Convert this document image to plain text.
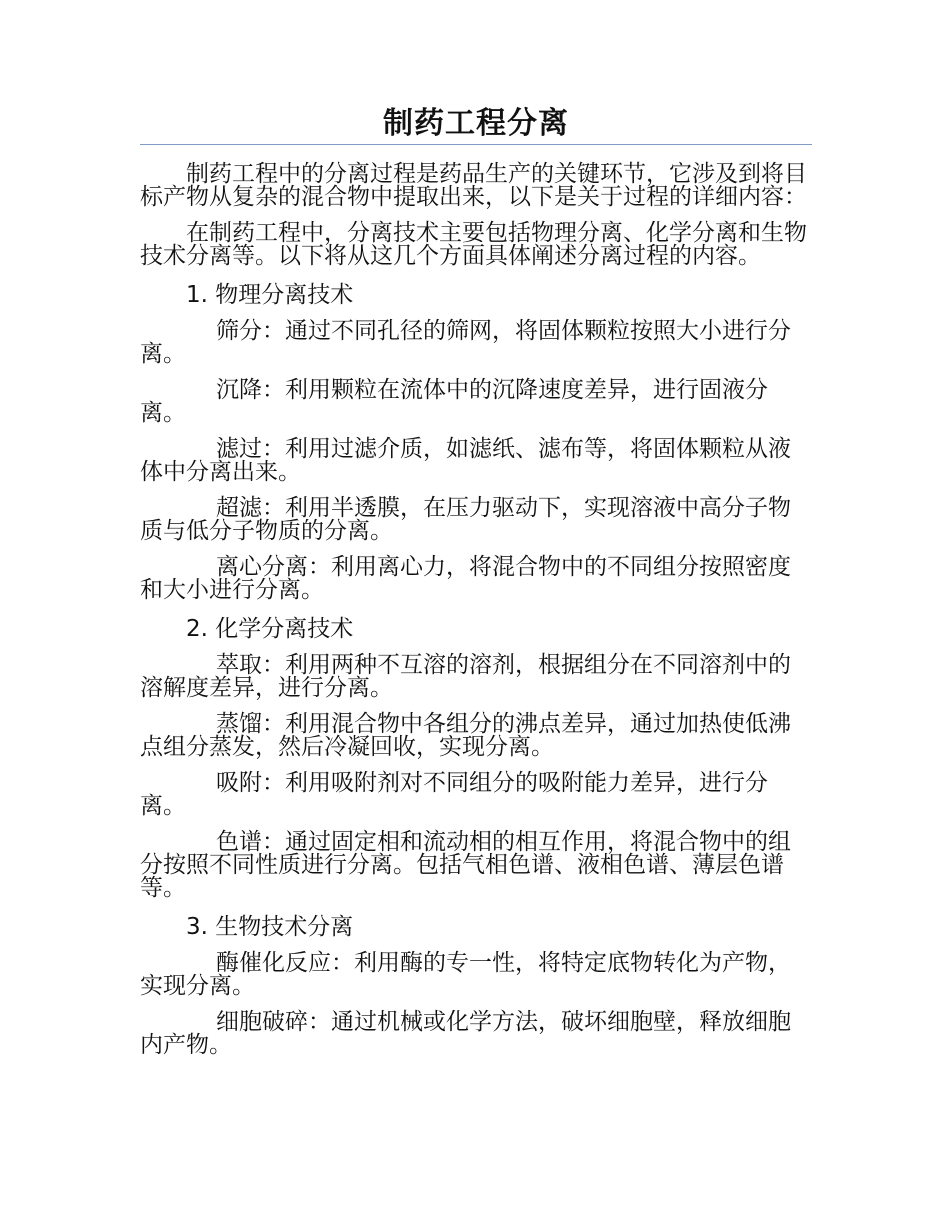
制药工程分离

制药工程中的分离过程是药品生产的关键环节，它涉及到将目标产物从复杂的混合物中提取出来，以下是关于过程的详细内容：

在制药工程中，分离技术主要包括物理分离、化学分离和生物技术分离等。以下将从这几个方面具体阐述分离过程的内容。

1. 物理分离技术

筛分：通过不同孔径的筛网，将固体颗粒按照大小进行分离。

沉降：利用颗粒在流体中的沉降速度差异，进行固液分离。

滤过：利用过滤介质，如滤纸、滤布等，将固体颗粒从液体中分离出来。

超滤：利用半透膜，在压力驱动下，实现溶液中高分子物质与低分子物质的分离。

离心分离：利用离心力，将混合物中的不同组分按照密度和大小进行分离。

2. 化学分离技术

萃取：利用两种不互溶的溶剂，根据组分在不同溶剂中的溶解度差异，进行分离。

蒸馏：利用混合物中各组分的沸点差异，通过加热使低沸点组分蒸发，然后冷凝回收，实现分离。

吸附：利用吸附剂对不同组分的吸附能力差异，进行分离。

色谱：通过固定相和流动相的相互作用，将混合物中的组分按照不同性质进行分离。包括气相色谱、液相色谱、薄层色谱等。

3. 生物技术分离

酶催化反应：利用酶的专一性，将特定底物转化为产物，实现分离。

细胞破碎：通过机械或化学方法，破坏细胞壁，释放细胞内产物。
